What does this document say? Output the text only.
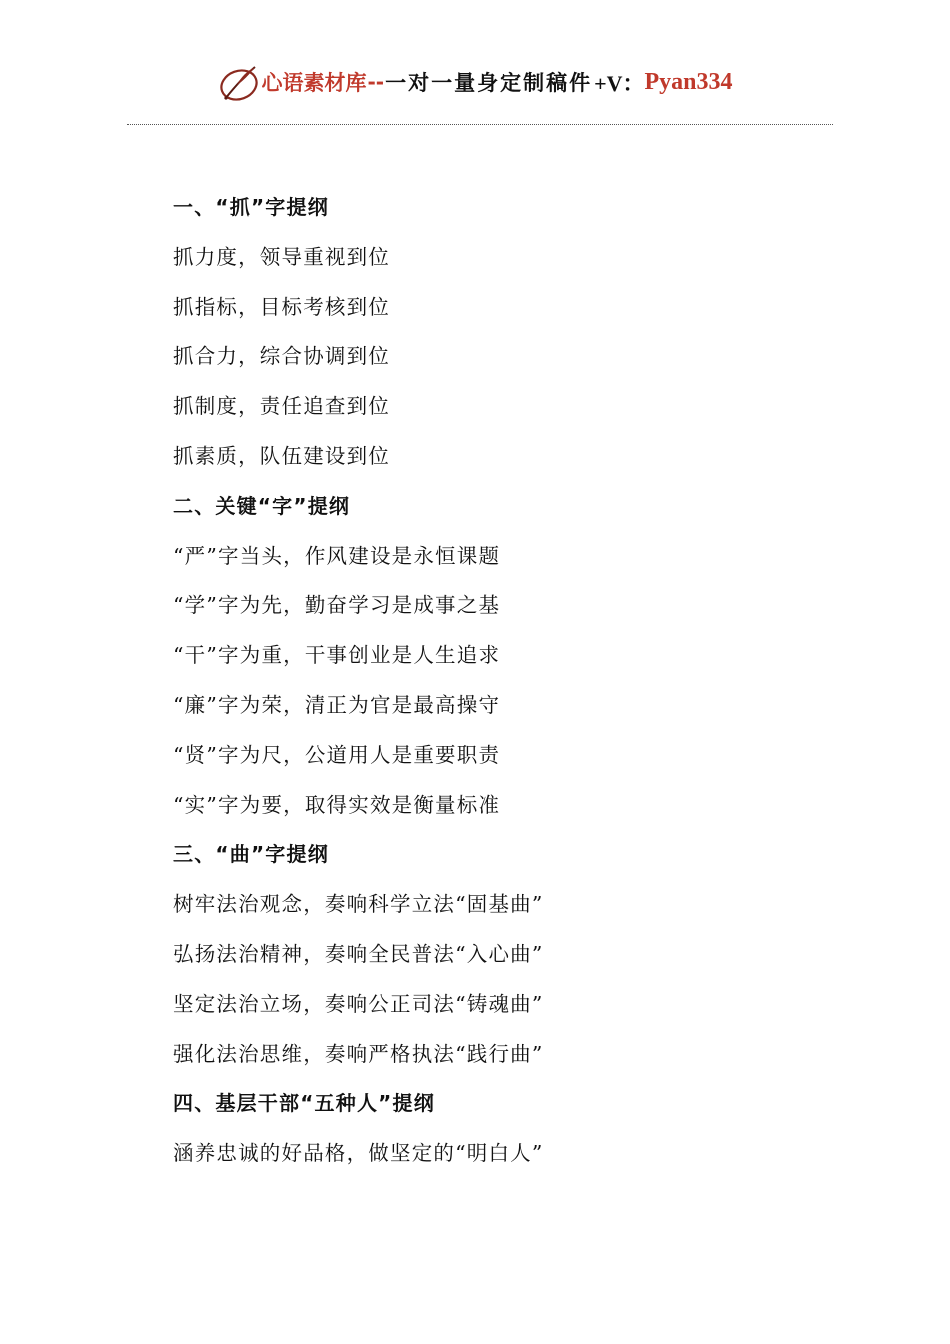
心语素材库 -- 一对一量身定制稿件 +V： Pyan334
一、“抓”字提纲
抓力度，领导重视到位
抓指标，目标考核到位
抓合力，综合协调到位
抓制度，责任追查到位
抓素质，队伍建设到位
二、关键“字”提纲
“严”字当头，作风建设是永恒课题
“学”字为先，勤奋学习是成事之基
“干”字为重，干事创业是人生追求
“廉”字为荣，清正为官是最高操守
“贤”字为尺，公道用人是重要职责
“实”字为要，取得实效是衡量标准
三、“曲”字提纲
树牢法治观念，奏响科学立法“固基曲”
弘扬法治精神，奏响全民普法“入心曲”
坚定法治立场，奏响公正司法“铸魂曲”
强化法治思维，奏响严格执法“践行曲”
四、基层干部“五种人”提纲
涵养忠诚的好品格，做坚定的“明白人”
